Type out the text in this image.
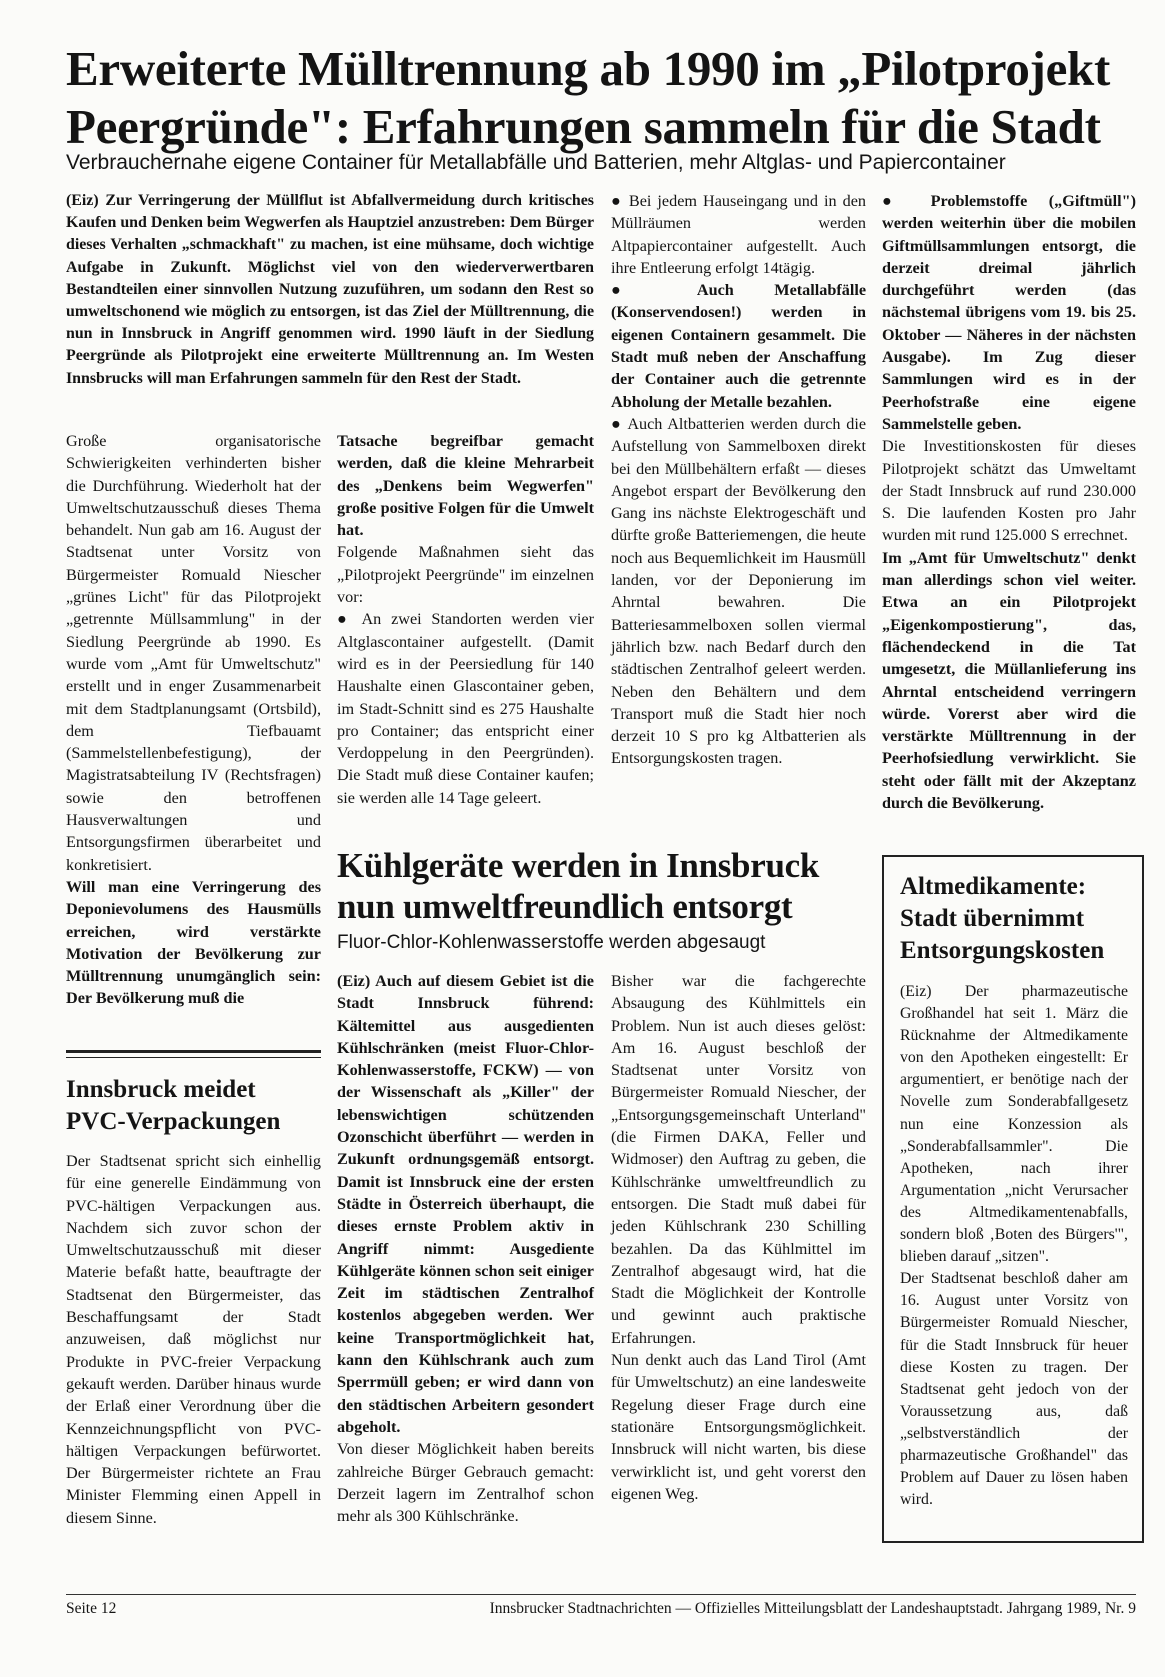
Erweiterte Mülltrennung ab 1990 im „Pilotprojekt
Peergründe": Erfahrungen sammeln für die Stadt

Verbrauchernahe eigene Container für Metallabfälle und Batterien, mehr Altglas- und Papiercontainer

(Eiz) Zur Verringerung der Müllflut ist Abfallvermeidung durch kritisches Kaufen und Denken beim Wegwerfen als Hauptziel anzustreben: Dem Bürger dieses Verhalten „schmackhaft" zu machen, ist eine mühsame, doch wichtige Aufgabe in Zukunft. Möglichst viel von den wiederverwertbaren Bestandteilen einer sinnvollen Nutzung zuzuführen, um sodann den Rest so umweltschonend wie möglich zu entsorgen, ist das Ziel der Mülltrennung, die nun in Innsbruck in Angriff genommen wird. 1990 läuft in der Siedlung Peergründe als Pilotprojekt eine erweiterte Mülltrennung an. Im Westen Innsbrucks will man Erfahrungen sammeln für den Rest der Stadt.

Große organisatorische Schwierigkeiten verhinderten bisher die Durchführung. Wiederholt hat der Umweltschutzausschuß dieses Thema behandelt. Nun gab am 16. August der Stadtsenat unter Vorsitz von Bürgermeister Romuald Niescher „grünes Licht" für das Pilotprojekt „getrennte Müllsammlung" in der Siedlung Peergründe ab 1990. Es wurde vom „Amt für Umweltschutz" erstellt und in enger Zusammenarbeit mit dem Stadtplanungsamt (Ortsbild), dem Tiefbauamt (Sammelstellenbefestigung), der Magistratsabteilung IV (Rechtsfragen) sowie den betroffenen Hausverwaltungen und Entsorgungsfirmen überarbeitet und konkretisiert.

Will man eine Verringerung des Deponievolumens des Hausmülls erreichen, wird verstärkte Motivation der Bevölkerung zur Mülltrennung unumgänglich sein: Der Bevölkerung muß die

Tatsache begreifbar gemacht werden, daß die kleine Mehrarbeit des „Denkens beim Wegwerfen" große positive Folgen für die Umwelt hat.

Folgende Maßnahmen sieht das „Pilotprojekt Peergründe" im einzelnen vor:

● An zwei Standorten werden vier Altglascontainer aufgestellt. (Damit wird es in der Peersiedlung für 140 Haushalte einen Glascontainer geben, im Stadt-Schnitt sind es 275 Haushalte pro Container; das entspricht einer Verdoppelung in den Peergründen). Die Stadt muß diese Container kaufen; sie werden alle 14 Tage geleert.

● Bei jedem Hauseingang und in den Müllräumen werden Altpapiercontainer aufgestellt. Auch ihre Entleerung erfolgt 14tägig.

● Auch Metallabfälle (Konservendosen!) werden in eigenen Containern gesammelt. Die Stadt muß neben der Anschaffung der Container auch die getrennte Abholung der Metalle bezahlen.

● Auch Altbatterien werden durch die Aufstellung von Sammelboxen direkt bei den Müllbehältern erfaßt — dieses Angebot erspart der Bevölkerung den Gang ins nächste Elektrogeschäft und dürfte große Batteriemengen, die heute noch aus Bequemlichkeit im Hausmüll landen, vor der Deponierung im Ahrntal bewahren. Die Batteriesammelboxen sollen viermal jährlich bzw. nach Bedarf durch den städtischen Zentralhof geleert werden. Neben den Behältern und dem Transport muß die Stadt hier noch derzeit 10 S pro kg Altbatterien als Entsorgungskosten tragen.

● Problemstoffe („Giftmüll") werden weiterhin über die mobilen Giftmüllsammlungen entsorgt, die derzeit dreimal jährlich durchgeführt werden (das nächstemal übrigens vom 19. bis 25. Oktober — Näheres in der nächsten Ausgabe). Im Zug dieser Sammlungen wird es in der Peerhofstraße eine eigene Sammelstelle geben.

Die Investitionskosten für dieses Pilotprojekt schätzt das Umweltamt der Stadt Innsbruck auf rund 230.000 S. Die laufenden Kosten pro Jahr wurden mit rund 125.000 S errechnet.

Im „Amt für Umweltschutz" denkt man allerdings schon viel weiter. Etwa an ein Pilotprojekt „Eigenkompostierung", das, flächendeckend in die Tat umgesetzt, die Müllanlieferung ins Ahrntal entscheidend verringern würde. Vorerst aber wird die verstärkte Mülltrennung in der Peerhofsiedlung verwirklicht. Sie steht oder fällt mit der Akzeptanz durch die Bevölkerung.

Innsbruck meidet PVC-Verpackungen

Der Stadtsenat spricht sich einhellig für eine generelle Eindämmung von PVC-hältigen Verpackungen aus. Nachdem sich zuvor schon der Umweltschutzausschuß mit dieser Materie befaßt hatte, beauftragte der Stadtsenat den Bürgermeister, das Beschaffungsamt der Stadt anzuweisen, daß möglichst nur Produkte in PVC-freier Verpackung gekauft werden. Darüber hinaus wurde der Erlaß einer Verordnung über die Kennzeichnungspflicht von PVC-hältigen Verpackungen befürwortet. Der Bürgermeister richtete an Frau Minister Flemming einen Appell in diesem Sinne.

Kühlgeräte werden in Innsbruck nun umweltfreundlich entsorgt

Fluor-Chlor-Kohlenwasserstoffe werden abgesaugt

(Eiz) Auch auf diesem Gebiet ist die Stadt Innsbruck führend: Kältemittel aus ausgedienten Kühlschränken (meist Fluor-Chlor-Kohlenwasserstoffe, FCKW) — von der Wissenschaft als „Killer" der lebenswichtigen schützenden Ozonschicht überführt — werden in Zukunft ordnungsgemäß entsorgt. Damit ist Innsbruck eine der ersten Städte in Österreich überhaupt, die dieses ernste Problem aktiv in Angriff nimmt: Ausgediente Kühlgeräte können schon seit einiger Zeit im städtischen Zentralhof kostenlos abgegeben werden. Wer keine Transportmöglichkeit hat, kann den Kühlschrank auch zum Sperrmüll geben; er wird dann von den städtischen Arbeitern gesondert abgeholt.

Von dieser Möglichkeit haben bereits zahlreiche Bürger Gebrauch gemacht: Derzeit lagern im Zentralhof schon mehr als 300 Kühlschränke.

Bisher war die fachgerechte Absaugung des Kühlmittels ein Problem. Nun ist auch dieses gelöst: Am 16. August beschloß der Stadtsenat unter Vorsitz von Bürgermeister Romuald Niescher, der „Entsorgungsgemeinschaft Unterland" (die Firmen DAKA, Feller und Widmoser) den Auftrag zu geben, die Kühlschränke umweltfreundlich zu entsorgen. Die Stadt muß dabei für jeden Kühlschrank 230 Schilling bezahlen. Da das Kühlmittel im Zentralhof abgesaugt wird, hat die Stadt die Möglichkeit der Kontrolle und gewinnt auch praktische Erfahrungen.

Nun denkt auch das Land Tirol (Amt für Umweltschutz) an eine landesweite Regelung dieser Frage durch eine stationäre Entsorgungsmöglichkeit. Innsbruck will nicht warten, bis diese verwirklicht ist, und geht vorerst den eigenen Weg.

Altmedikamente: Stadt übernimmt Entsorgungskosten

(Eiz) Der pharmazeutische Großhandel hat seit 1. März die Rücknahme der Altmedikamente von den Apotheken eingestellt: Er argumentiert, er benötige nach der Novelle zum Sonderabfallgesetz nun eine Konzession als „Sonderabfallsammler". Die Apotheken, nach ihrer Argumentation „nicht Verursacher des Altmedikamentenabfalls, sondern bloß ‚Boten des Bürgers'", blieben darauf „sitzen".

Der Stadtsenat beschloß daher am 16. August unter Vorsitz von Bürgermeister Romuald Niescher, für die Stadt Innsbruck für heuer diese Kosten zu tragen. Der Stadtsenat geht jedoch von der Voraussetzung aus, daß „selbstverständlich der pharmazeutische Großhandel" das Problem auf Dauer zu lösen haben wird.

Seite 12	Innsbrucker Stadtnachrichten — Offizielles Mitteilungsblatt der Landeshauptstadt. Jahrgang 1989, Nr. 9
